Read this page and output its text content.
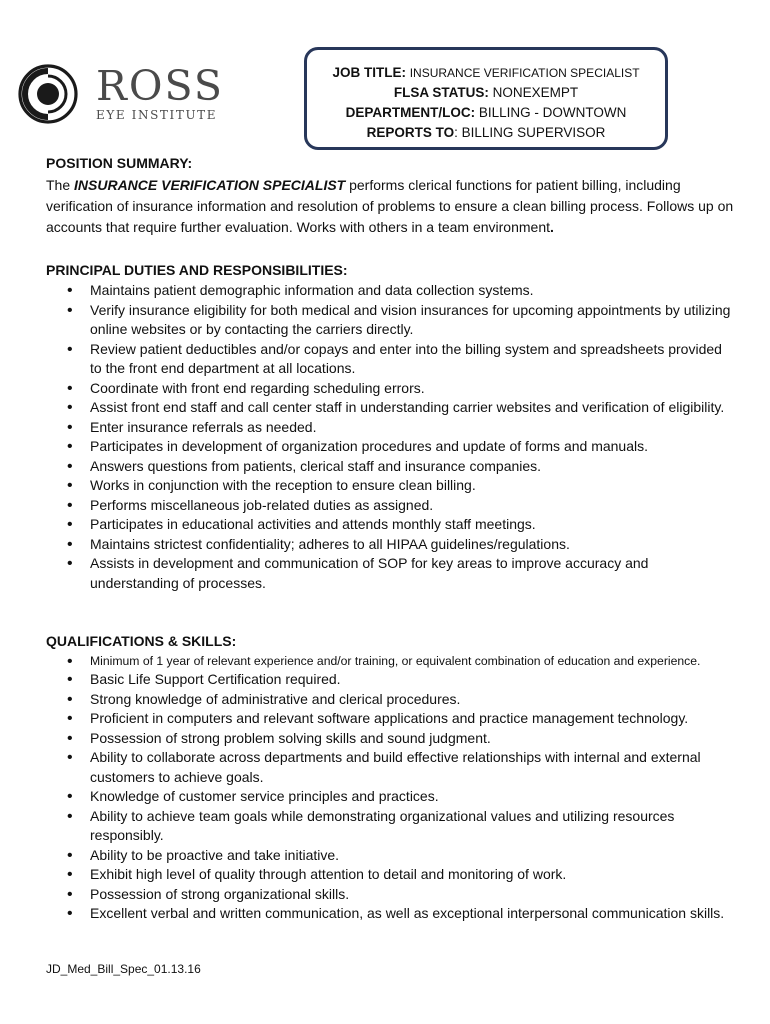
ROSS
EYE INSTITUTE
JOB TITLE: INSURANCE VERIFICATION SPECIALIST
FLSA STATUS: NONEXEMPT
DEPARTMENT/LOC: BILLING - DOWNTOWN
REPORTS TO: BILLING SUPERVISOR
POSITION SUMMARY:
The INSURANCE VERIFICATION SPECIALIST performs clerical functions for patient billing, including verification of insurance information and resolution of problems to ensure a clean billing process. Follows up on accounts that require further evaluation. Works with others in a team environment.
PRINCIPAL DUTIES AND RESPONSIBILITIES:
• Maintains patient demographic information and data collection systems.
• Verify insurance eligibility for both medical and vision insurances for upcoming appointments by utilizing online websites or by contacting the carriers directly.
• Review patient deductibles and/or copays and enter into the billing system and spreadsheets provided to the front end department at all locations.
• Coordinate with front end regarding scheduling errors.
• Assist front end staff and call center staff in understanding carrier websites and verification of eligibility.
• Enter insurance referrals as needed.
• Participates in development of organization procedures and update of forms and manuals.
• Answers questions from patients, clerical staff and insurance companies.
• Works in conjunction with the reception to ensure clean billing.
• Performs miscellaneous job-related duties as assigned.
• Participates in educational activities and attends monthly staff meetings.
• Maintains strictest confidentiality; adheres to all HIPAA guidelines/regulations.
• Assists in development and communication of SOP for key areas to improve accuracy and understanding of processes.
QUALIFICATIONS & SKILLS:
• Minimum of 1 year of relevant experience and/or training, or equivalent combination of education and experience.
• Basic Life Support Certification required.
• Strong knowledge of administrative and clerical procedures.
• Proficient in computers and relevant software applications and practice management technology.
• Possession of strong problem solving skills and sound judgment.
• Ability to collaborate across departments and build effective relationships with internal and external customers to achieve goals.
• Knowledge of customer service principles and practices.
• Ability to achieve team goals while demonstrating organizational values and utilizing resources responsibly.
• Ability to be proactive and take initiative.
• Exhibit high level of quality through attention to detail and monitoring of work.
• Possession of strong organizational skills.
• Excellent verbal and written communication, as well as exceptional interpersonal communication skills.
JD_Med_Bill_Spec_01.13.16
